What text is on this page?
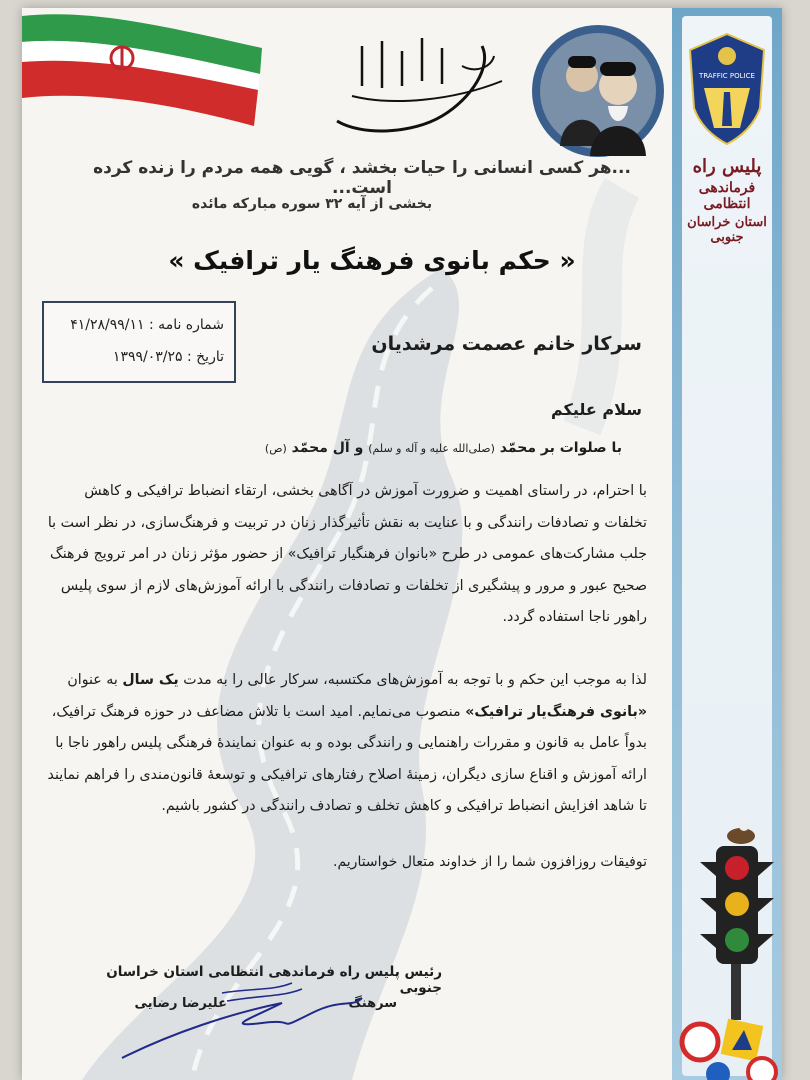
...هر کسی انسانی را حیات بخشد ، گویی همه مردم را زنده کرده است...
بخشی از آیه ۳۲ سوره مبارکه مائده
« حکم بانوی فرهنگ یار ترافیک »
شماره نامه : ۴۱/۲۸/۹۹/۱۱
تاریخ : ۱۳۹۹/۰۳/۲۵
سرکار خانم عصمت مرشدیان
سلام علیکم
با صلوات بر محمّد (صلی‌الله علیه و آله و سلم) و آل محمّد (ص)
با احترام، در راستای اهمیت و ضرورت آموزش در آگاهی بخشی، ارتقاء انضباط ترافیکی و کاهش تخلفات و تصادفات رانندگی و با عنایت به نقش تأثیرگذار زنان در تربیت و فرهنگ‌سازی، در نظر است با جلب مشارکت‌های عمومی در طرح «بانوان فرهنگیار ترافیک» از حضور مؤثر زنان در امر ترویج فرهنگ صحیح عبور و مرور و پیشگیری از تخلفات و تصادفات رانندگی با ارائه آموزش‌های لازم از سوی پلیس راهور ناجا استفاده گردد.
لذا به موجب این حکم و با توجه به آموزش‌های مکتسبه، سرکار عالی را به مدت یک سال به عنوان «بانوی فرهنگ‌یار ترافیک» منصوب می‌نمایم. امید است با تلاش مضاعف در حوزه فرهنگ ترافیک، بدواً عامل به قانون و مقررات راهنمایی و رانندگی بوده و به عنوان نمایندهٔ فرهنگی پلیس راهور ناجا با ارائه آموزش و اقناع سازی دیگران، زمینهٔ اصلاح رفتارهای ترافیکی و توسعهٔ قانون‌مندی را فراهم نمایند تا شاهد افزایش انضباط ترافیکی و کاهش تخلف و تصادف رانندگی در کشور باشیم.
توفیقات روزافزون شما را از خداوند متعال خواستاریم.
رئیس پلیس راه فرماندهی انتظامی استان خراسان جنوبی
سرهنگ
علیرضا رضایی
TRAFFIC POLICE
پلیس راه
فرماندهی انتظامی
استان خراسان جنوبی
